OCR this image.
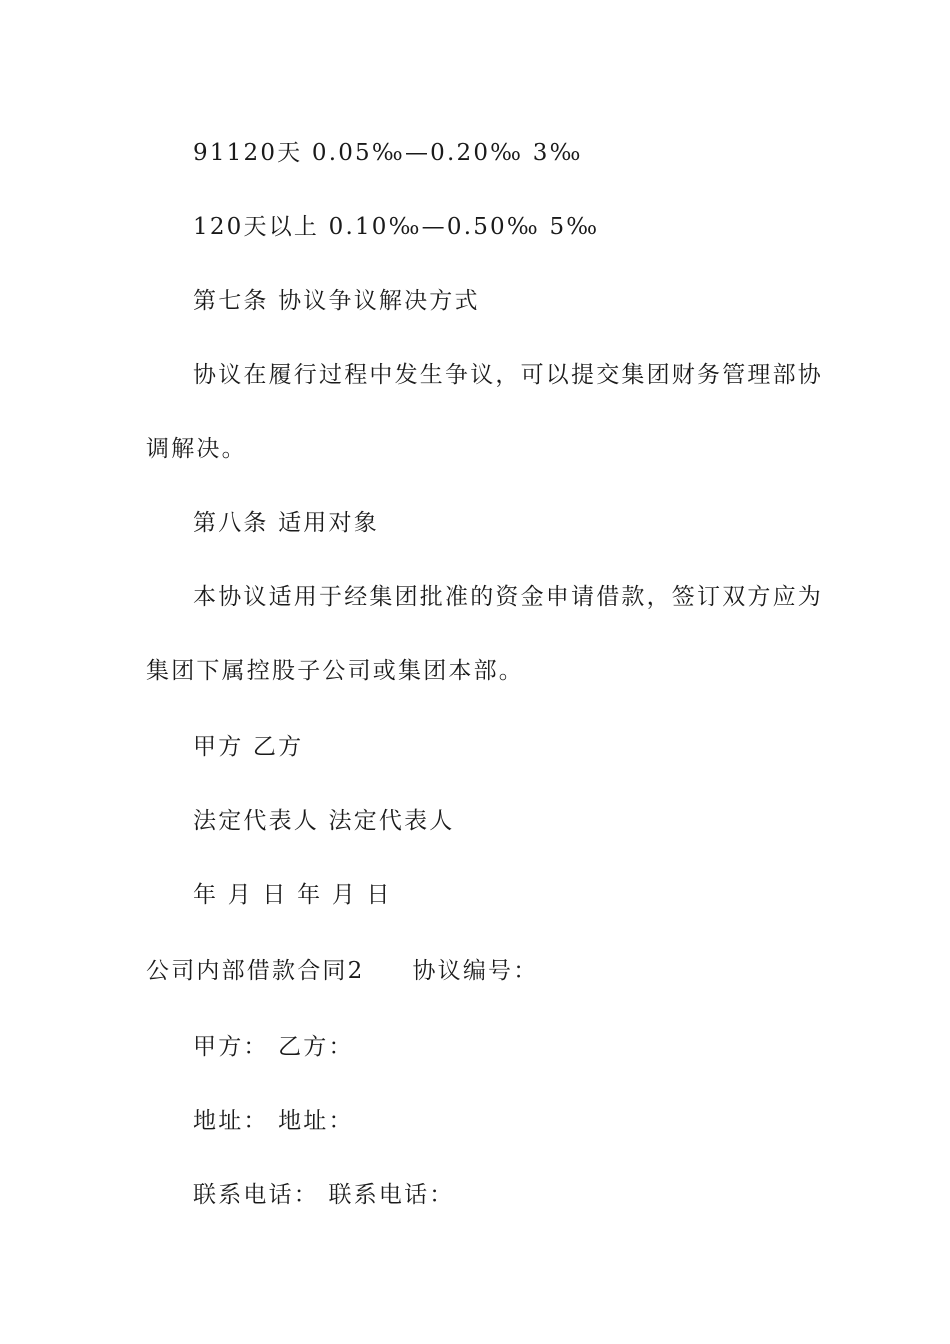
91120天 0.05‰—0.20‰ 3‰
120天以上 0.10‰—0.50‰ 5‰
第七条 协议争议解决方式
协议在履行过程中发生争议，可以提交集团财务管理部协
调解决。
第八条 适用对象
本协议适用于经集团批准的资金申请借款，签订双方应为
集团下属控股子公司或集团本部。
甲方 乙方
法定代表人 法定代表人
年 月 日 年 月 日
公司内部借款合同2 协议编号：
甲方： 乙方：
地址： 地址：
联系电话： 联系电话：
